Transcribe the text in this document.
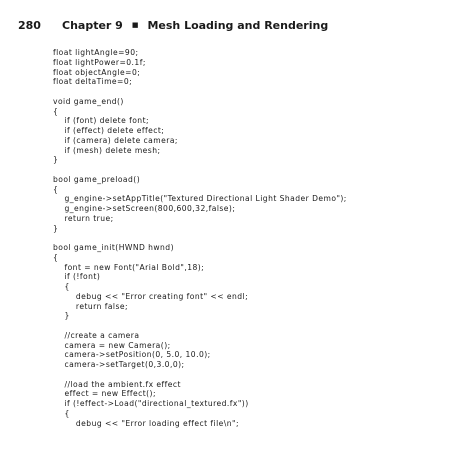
280	Chapter 9 ■ Mesh Loading and Rendering
float lightAngle=90;
float lightPower=0.1f;
float objectAngle=0;
float deltaTime=0;

void game_end()
{
if (font) delete font;
if (effect) delete effect;
if (camera) delete camera;
if (mesh) delete mesh;
}

bool game_preload()
{
g_engine->setAppTitle("Textured Directional Light Shader Demo");
g_engine->setScreen(800,600,32,false);
return true;
}

bool game_init(HWND hwnd)
{
font = new Font("Arial Bold",18);
if (!font)
{
debug << "Error creating font" << endl;
return false;
}

//create a camera
camera = new Camera();
camera->setPosition(0, 5.0, 10.0);
camera->setTarget(0,3.0,0);

//load the ambient.fx effect
effect = new Effect();
if (!effect->Load("directional_textured.fx"))
{
debug << "Error loading effect file\n";
